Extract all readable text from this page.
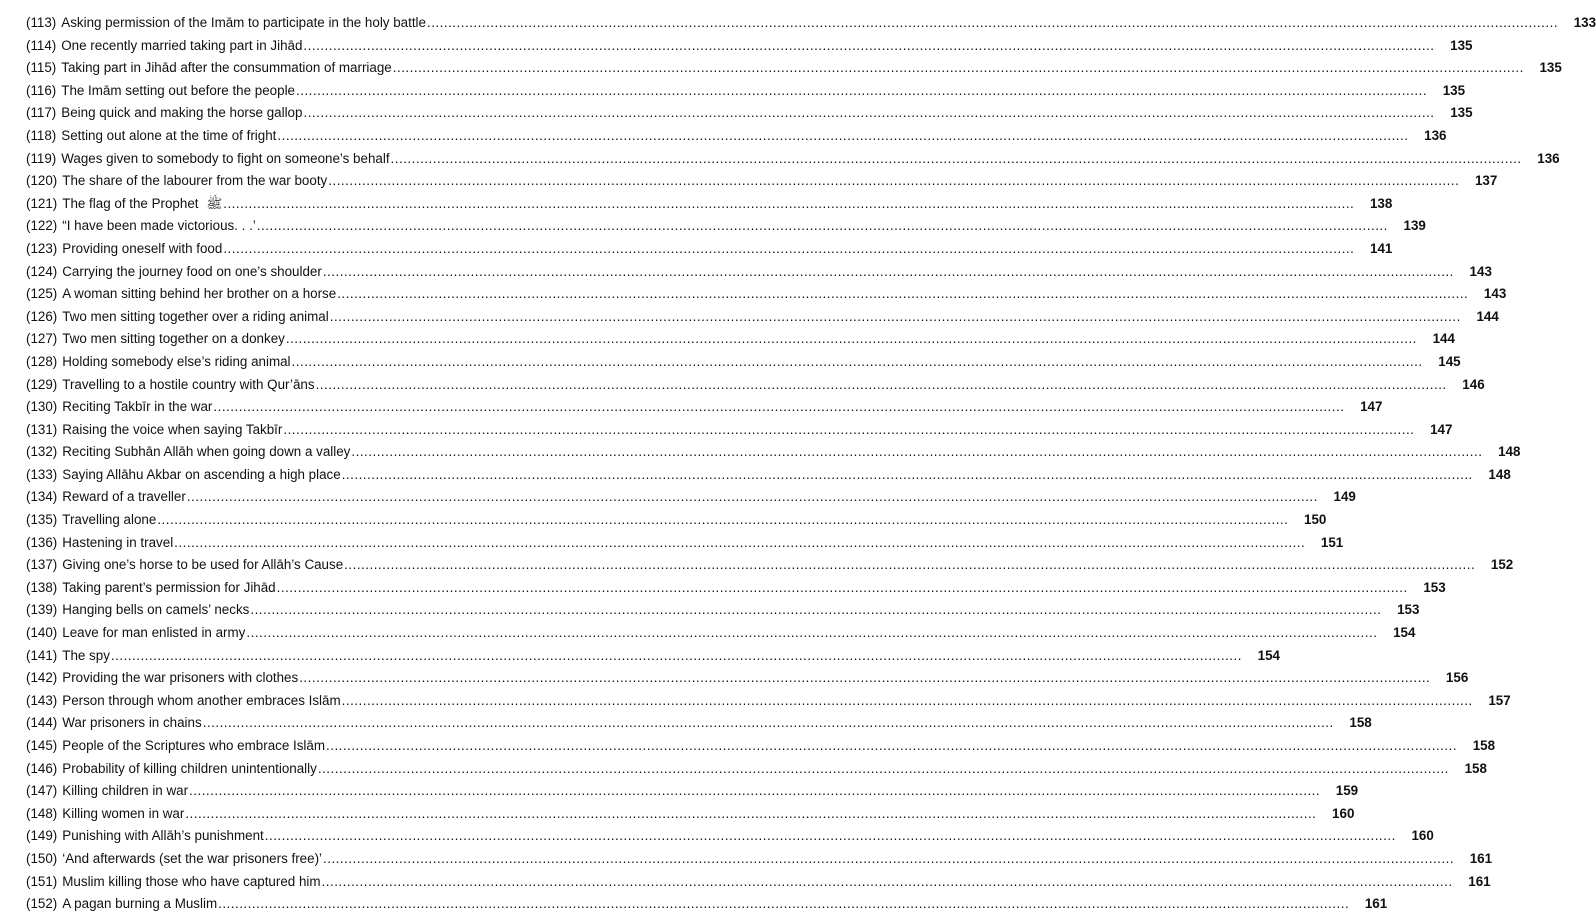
(113) Asking permission of the Imām to participate in the holy battle .....	133
(114) One recently married taking part in Jihād .....	135
(115) Taking part in Jihād after the consummation of marriage .....	135
(116) The Imām setting out before the people .....	135
(117) Being quick and making the horse gallop .....	135
(118) Setting out alone at the time of fright .....	136
(119) Wages given to somebody to fight on someone’s behalf .....	136
(120) The share of the labourer from the war booty .....	137
(121) The flag of the Prophet ﷺ .....	138
(122) “I have been made victorious. . .’ .....	139
(123) Providing oneself with food .....	141
(124) Carrying the journey food on one’s shoulder .....	143
(125) A woman sitting behind her brother on a horse .....	143
(126) Two men sitting together over a riding animal .....	144
(127) Two men sitting together on a donkey .....	144
(128) Holding somebody else’s riding animal .....	145
(129) Travelling to a hostile country with Qur’āns .....	146
(130) Reciting Takbīr in the war .....	147
(131) Raising the voice when saying Takbīr .....	147
(132) Reciting Subhān Allāh when going down a valley .....	148
(133) Saying Allāhu Akbar on ascending a high place .....	148
(134) Reward of a traveller .....	149
(135) Travelling alone .....	150
(136) Hastening in travel .....	151
(137) Giving one’s horse to be used for Allāh’s Cause .....	152
(138) Taking parent’s permission for Jihād .....	153
(139) Hanging bells on camels’ necks .....	153
(140) Leave for man enlisted in army .....	154
(141) The spy .....	154
(142) Providing the war prisoners with clothes .....	156
(143) Person through whom another embraces Islām .....	157
(144) War prisoners in chains .....	158
(145) People of the Scriptures who embrace Islām .....	158
(146) Probability of killing children unintentionally .....	158
(147) Killing children in war .....	159
(148) Killing women in war .....	160
(149) Punishing with Allāh’s punishment .....	160
(150) ‘And afterwards (set the war prisoners free)’ .....	161
(151) Muslim killing those who have captured him .....	161
(152) A pagan burning a Muslim .....	161
